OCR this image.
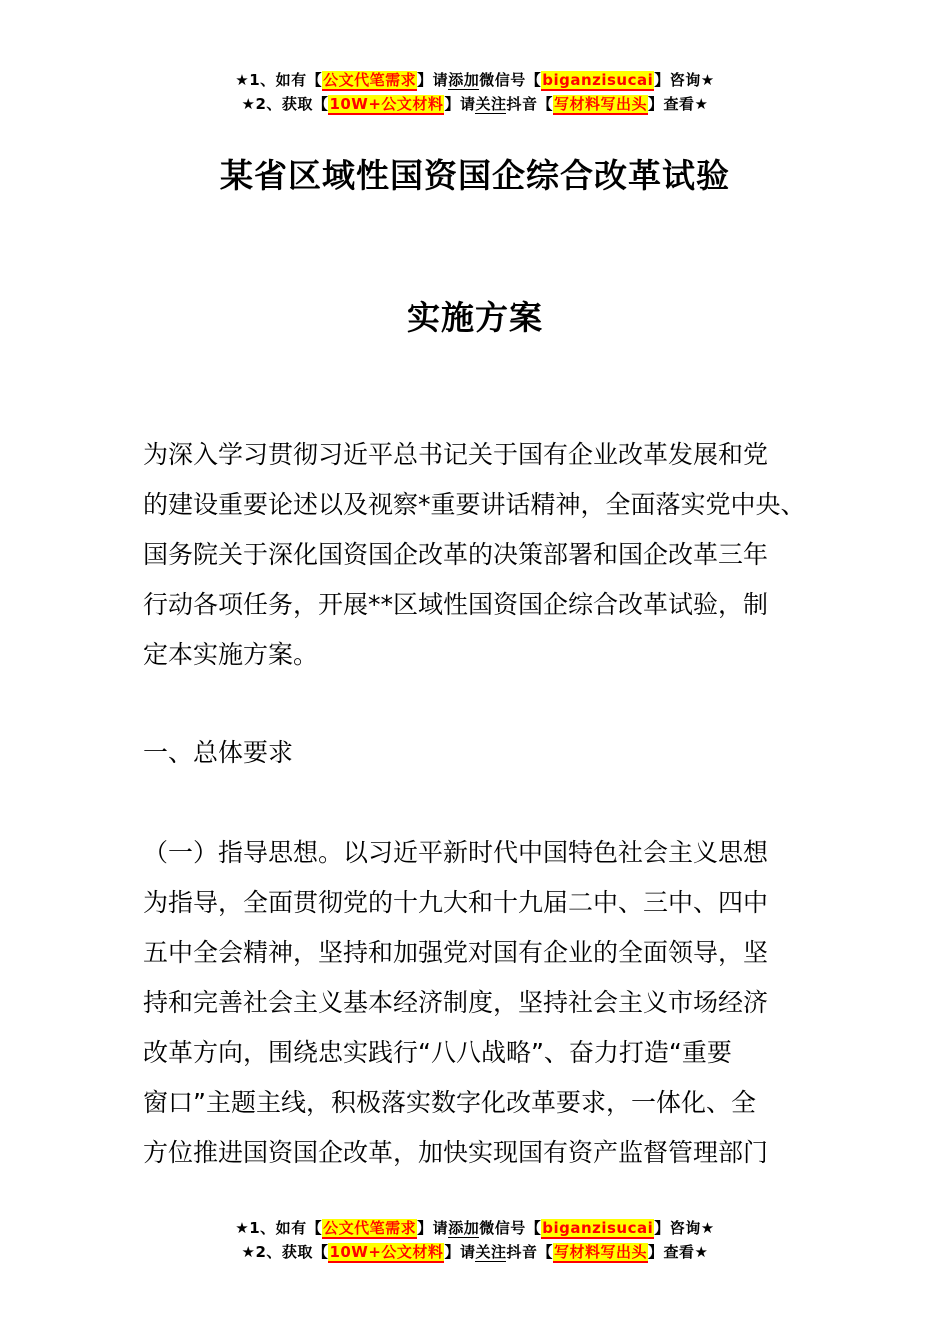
★1、如有【公文代笔需求】请添加微信号【biganzisucai】咨询★
★2、获取【10W+公文材料】请关注抖音【写材料写出头】查看★
某省区域性国资国企综合改革试验
实施方案
为深入学习贯彻习近平总书记关于国有企业改革发展和党
的建设重要论述以及视察*重要讲话精神，全面落实党中央、
国务院关于深化国资国企改革的决策部署和国企改革三年
行动各项任务，开展**区域性国资国企综合改革试验，制
定本实施方案。
一、总体要求
（一）指导思想。以习近平新时代中国特色社会主义思想
为指导，全面贯彻党的十九大和十九届二中、三中、四中
五中全会精神，坚持和加强党对国有企业的全面领导，坚
持和完善社会主义基本经济制度，坚持社会主义市场经济
改革方向，围绕忠实践行“八八战略”、奋力打造“重要
窗口”主题主线，积极落实数字化改革要求，一体化、全
方位推进国资国企改革，加快实现国有资产监督管理部门
★1、如有【公文代笔需求】请添加微信号【biganzisucai】咨询★
★2、获取【10W+公文材料】请关注抖音【写材料写出头】查看★
